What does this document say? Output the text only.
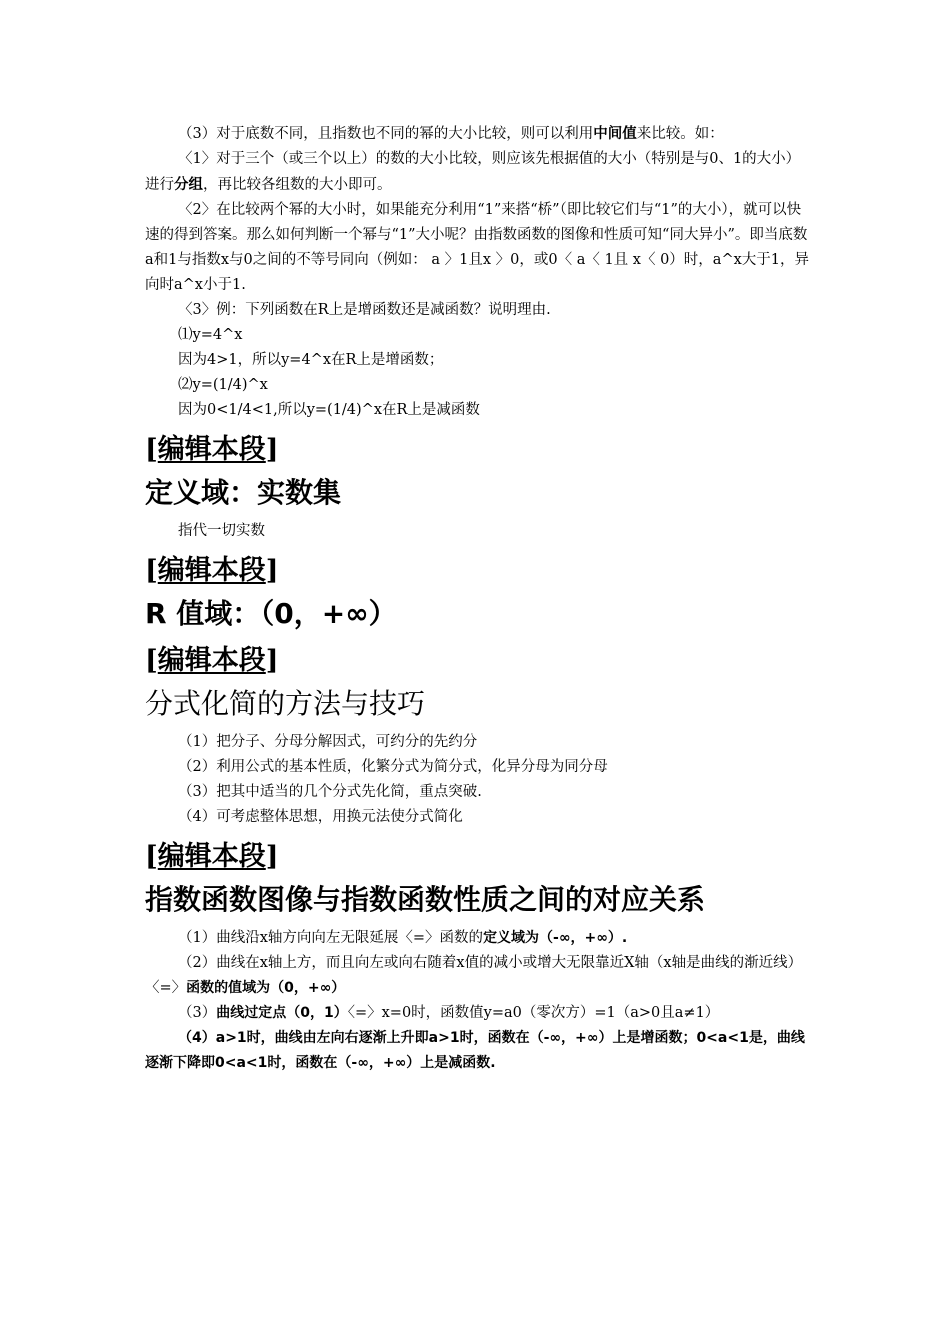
（3）对于底数不同，且指数也不同的幂的大小比较，则可以利用中间值来比较。如：

〈1〉对于三个（或三个以上）的数的大小比较，则应该先根据值的大小（特别是与0、1的大小）进行分组，再比较各组数的大小即可。

〈2〉在比较两个幂的大小时，如果能充分利用“1”来搭“桥”（即比较它们与“1”的大小），就可以快速的得到答案。那么如何判断一个幂与“1”大小呢？由指数函数的图像和性质可知“同大异小”。即当底数a和1与指数x与0之间的不等号同向（例如： a 〉1且x 〉0，或0〈 a〈 1且 x〈 0）时，a^x大于1，异向时a^x小于1.

〈3〉例：下列函数在R上是增函数还是减函数？说明理由.

⑴y=4^x

因为4>1，所以y=4^x在R上是增函数；

⑵y=(1/4)^x

因为0<1/4<1,所以y=(1/4)^x在R上是减函数

[编辑本段]
定义域：实数集

指代一切实数

[编辑本段]
R 值域：（0，+∞）
[编辑本段]
分式化简的方法与技巧

（1）把分子、分母分解因式，可约分的先约分

（2）利用公式的基本性质，化繁分式为简分式，化异分母为同分母

（3）把其中适当的几个分式先化简，重点突破.

（4）可考虑整体思想，用换元法使分式简化

[编辑本段]
指数函数图像与指数函数性质之间的对应关系

（1）曲线沿x轴方向向左无限延展〈=〉函数的定义域为（-∞，+∞）.

（2）曲线在x轴上方，而且向左或向右随着x值的减小或增大无限靠近X轴（x轴是曲线的渐近线）〈=〉函数的值域为（0，+∞）

（3）曲线过定点（0，1）〈=〉x=0时，函数值y=a0（零次方）=1（a>0且a≠1）

（4）a>1时，曲线由左向右逐渐上升即a>1时，函数在（-∞，+∞）上是增函数；0<a<1是，曲线逐渐下降即0<a<1时，函数在（-∞，+∞）上是减函数.
